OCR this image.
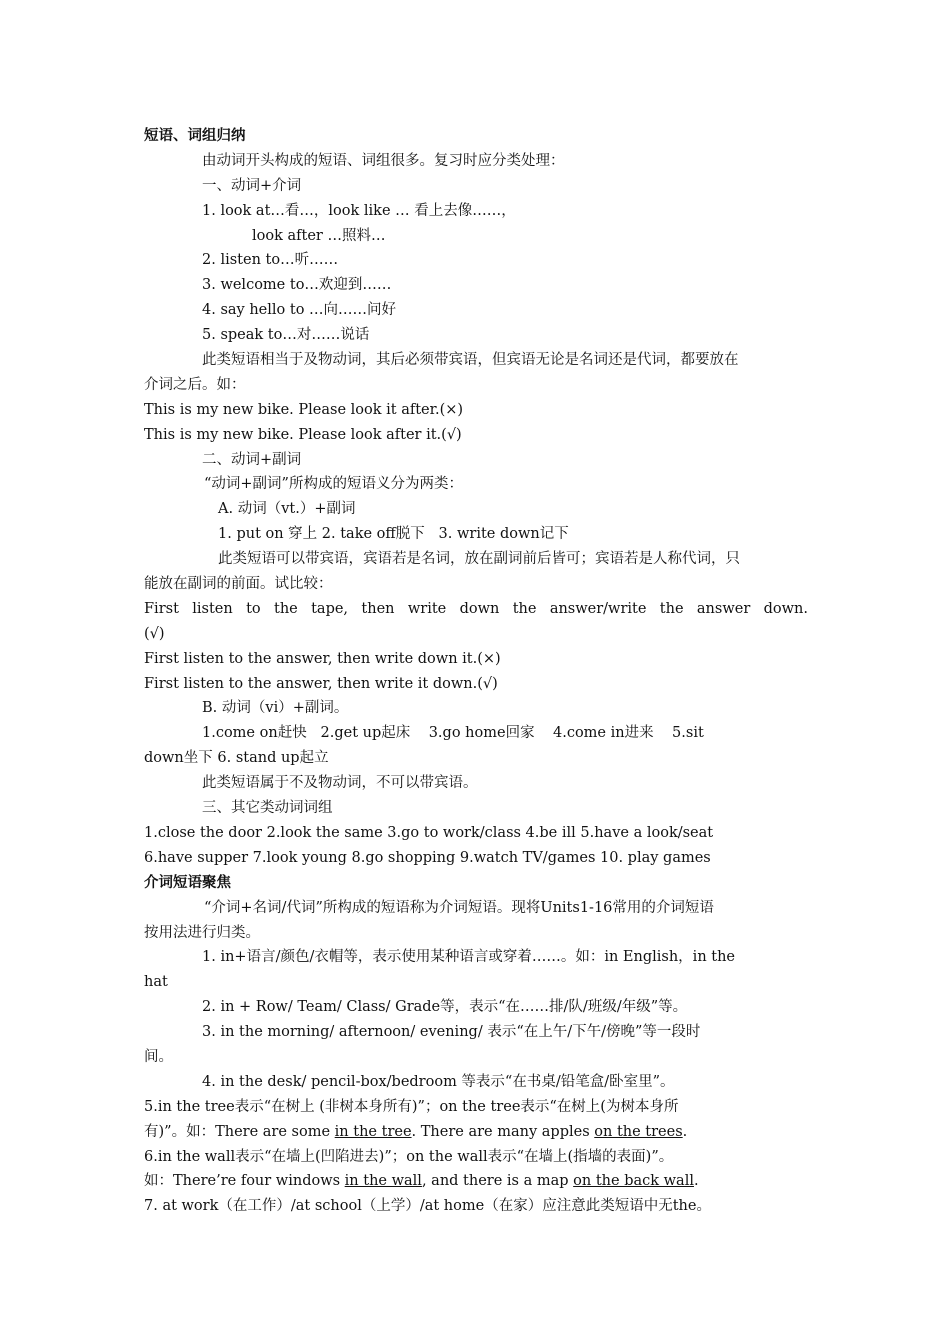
短语、词组归纳
由动词开头构成的短语、词组很多。复习时应分类处理：
一、动词+介词
1. look at…看…，look like … 看上去像……，
look after …照料…
2. listen to…听……
3. welcome to…欢迎到……
4. say hello to …向……问好
5. speak to…对……说话
此类短语相当于及物动词，其后必须带宾语，但宾语无论是名词还是代词，都要放在
介词之后。如：
This is my new bike. Please look it after.(×)
This is my new bike. Please look after it.(√)
二、动词+副词
“动词+副词”所构成的短语义分为两类：
A. 动词（vt.）+副词
1. put on 穿上 2. take off脱下   3. write down记下
此类短语可以带宾语，宾语若是名词，放在副词前后皆可；宾语若是人称代词，只
能放在副词的前面。试比较：
First listen to the tape, then write down the answer/write the answer down.
(√)
First listen to the answer, then write down it.(×)
First listen to the answer, then write it down.(√)
B. 动词（vi）+副词。
1.come on赶快   2.get up起床    3.go home回家    4.come in进来    5.sit
down坐下 6. stand up起立
此类短语属于不及物动词，不可以带宾语。
三、其它类动词词组
1.close the door 2.look the same 3.go to work/class 4.be ill 5.have a look/seat
6.have supper 7.look young 8.go shopping 9.watch TV/games 10. play games
介词短语聚焦
“介词+名词/代词”所构成的短语称为介词短语。现将Units1-16常用的介词短语
按用法进行归类。
1. in+语言/颜色/衣帽等，表示使用某种语言或穿着……。如：in English，in the
hat
2. in + Row/ Team/ Class/ Grade等，表示“在……排/队/班级/年级”等。
3. in the morning/ afternoon/ evening/ 表示“在上午/下午/傍晚”等一段时
间。
4. in the desk/ pencil-box/bedroom 等表示“在书桌/铅笔盒/卧室里”。
5.in the tree表示“在树上 (非树本身所有)”；on the tree表示“在树上(为树本身所
有)”。如：There are some in the tree. There are many apples on the trees.
6.in the wall表示“在墙上(凹陷进去)”；on the wall表示“在墙上(指墙的表面)”。
如：There’re four windows in the wall, and there is a map on the back wall.
7. at work（在工作）/at school（上学）/at home（在家）应注意此类短语中无the。
